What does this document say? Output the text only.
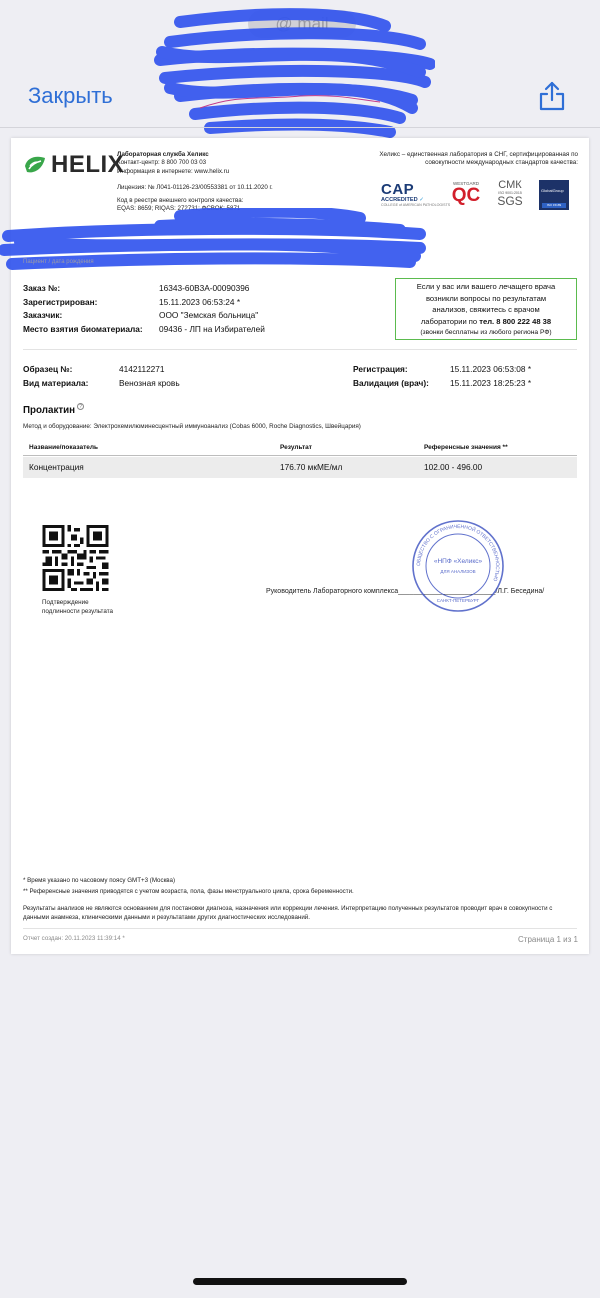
@ mail
Закрыть
HELIX
Лабораторная служба Хеликс
Контакт-центр: 8 800 700 03 03
Информация в интернете: www.helix.ru
Лицензия: № Л041-01126-23/00553381 от 10.11.2020 г.
Код в реестре внешнего контроля качества:
EQAS: 8659; RIQAS: 272731; ФСВОК: 5871
Хеликс – единственная лаборатория в СНГ, сертифицированная по совокупности международных стандартов качества:
CAP
ACCREDITED ✓
COLLEGE of AMERICAN PATHOLOGISTS
WESTGARD
QC СМК
ISO 9001:2015
SGS
GlobalGroup
ISO 15189
Пациент / дата рождения
Заказ №:	16343-60В3А-00090396
Зарегистрирован:	15.11.2023 06:53:24 *
Заказчик:	ООО "Земская больница"
Место взятия биоматериала:	09436 - ЛП на Избирателей
Если у вас или вашего лечащего врача
возникли вопросы по результатам
анализов, свяжитесь с врачом
лаборатории по тел. 8 800 222 48 38
(звонки бесплатны из любого региона РФ)
Образец №:	4142112271
Вид материала:	Венозная кровь
Регистрация:	15.11.2023 06:53:08 *
Валидация (врач):	15.11.2023 18:25:23 *
Пролактин ?
Метод и оборудование: Электрохемилюминесцентный иммуноанализ (Cobas 6000, Roche Diagnostics, Швейцария)
Название/показатель	Результат	Референсные значения **
Концентрация	176.70 мкМЕ/мл	102.00 - 496.00
Подтверждение
подлинности результата
Руководитель Лабораторного комплекса_________________________/Л.Г. Беседина/
ОБЩЕСТВО С ОГРАНИЧЕННОЙ ОТВЕТСТВЕННОСТЬЮ
«НПФ «Хеликс»
ДЛЯ АНАЛИЗОВ
САНКТ-ПЕТЕРБУРГ
* Время указано по часовому поясу GMT+3 (Москва)
** Референсные значения приводятся с учетом возраста, пола, фазы менструального цикла, срока беременности.
Результаты анализов не являются основанием для постановки диагноза, назначения или коррекции лечения. Интерпретацию полученных результатов проводит врач в совокупности с данными анамнеза, клиническими данными и результатами других диагностических исследований.
Отчет создан: 20.11.2023 11:39:14 *	Страница 1 из 1
